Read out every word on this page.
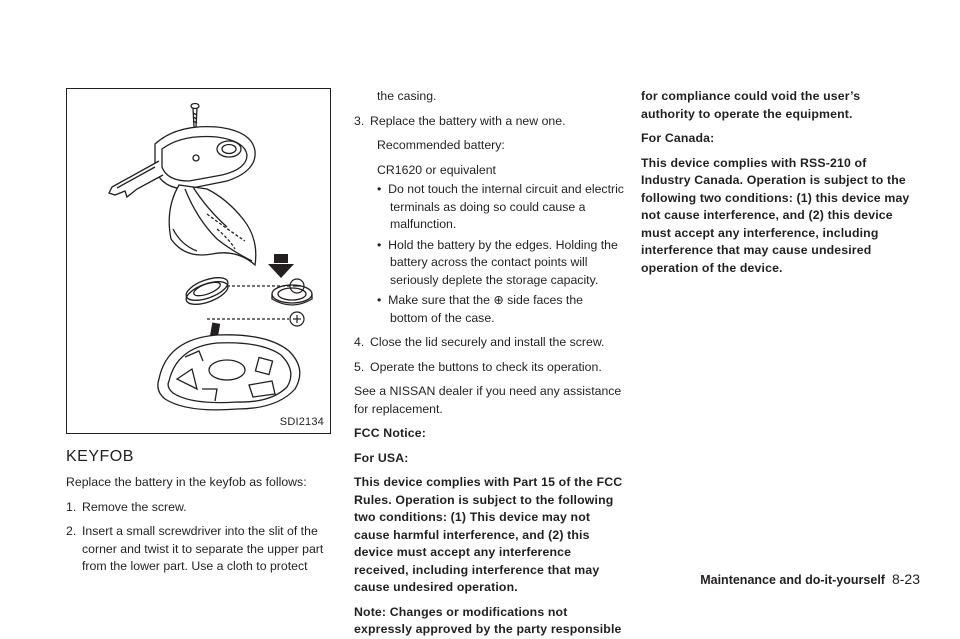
SDI2134
KEYFOB

Replace the battery in the keyfob as follows:

1. Remove the screw.

2. Insert a small screwdriver into the slit of the corner and twist it to separate the upper part from the lower part. Use a cloth to protect

the casing.

3. Replace the battery with a new one.

Recommended battery:

CR1620 or equivalent

•  Do not touch the internal circuit and electric terminals as doing so could cause a malfunction.

•  Hold the battery by the edges. Holding the battery across the contact points will seriously deplete the storage capacity.

•  Make sure that the ⊕ side faces the bottom of the case.

4. Close the lid securely and install the screw.

5. Operate the buttons to check its operation.

See a NISSAN dealer if you need any assistance for replacement.

FCC Notice:

For USA:

This device complies with Part 15 of the FCC Rules. Operation is subject to the following two conditions: (1) This device may not cause harmful interference, and (2) this device must accept any interference received, including interference that may cause undesired operation.

Note: Changes or modifications not expressly approved by the party responsible

for compliance could void the user’s authority to operate the equipment.

For Canada:

This device complies with RSS-210 of Industry Canada. Operation is subject to the following two conditions: (1) this device may not cause interference, and (2) this device must accept any interference, including interference that may cause undesired operation of the device.

Maintenance and do-it-yourself 8-23
